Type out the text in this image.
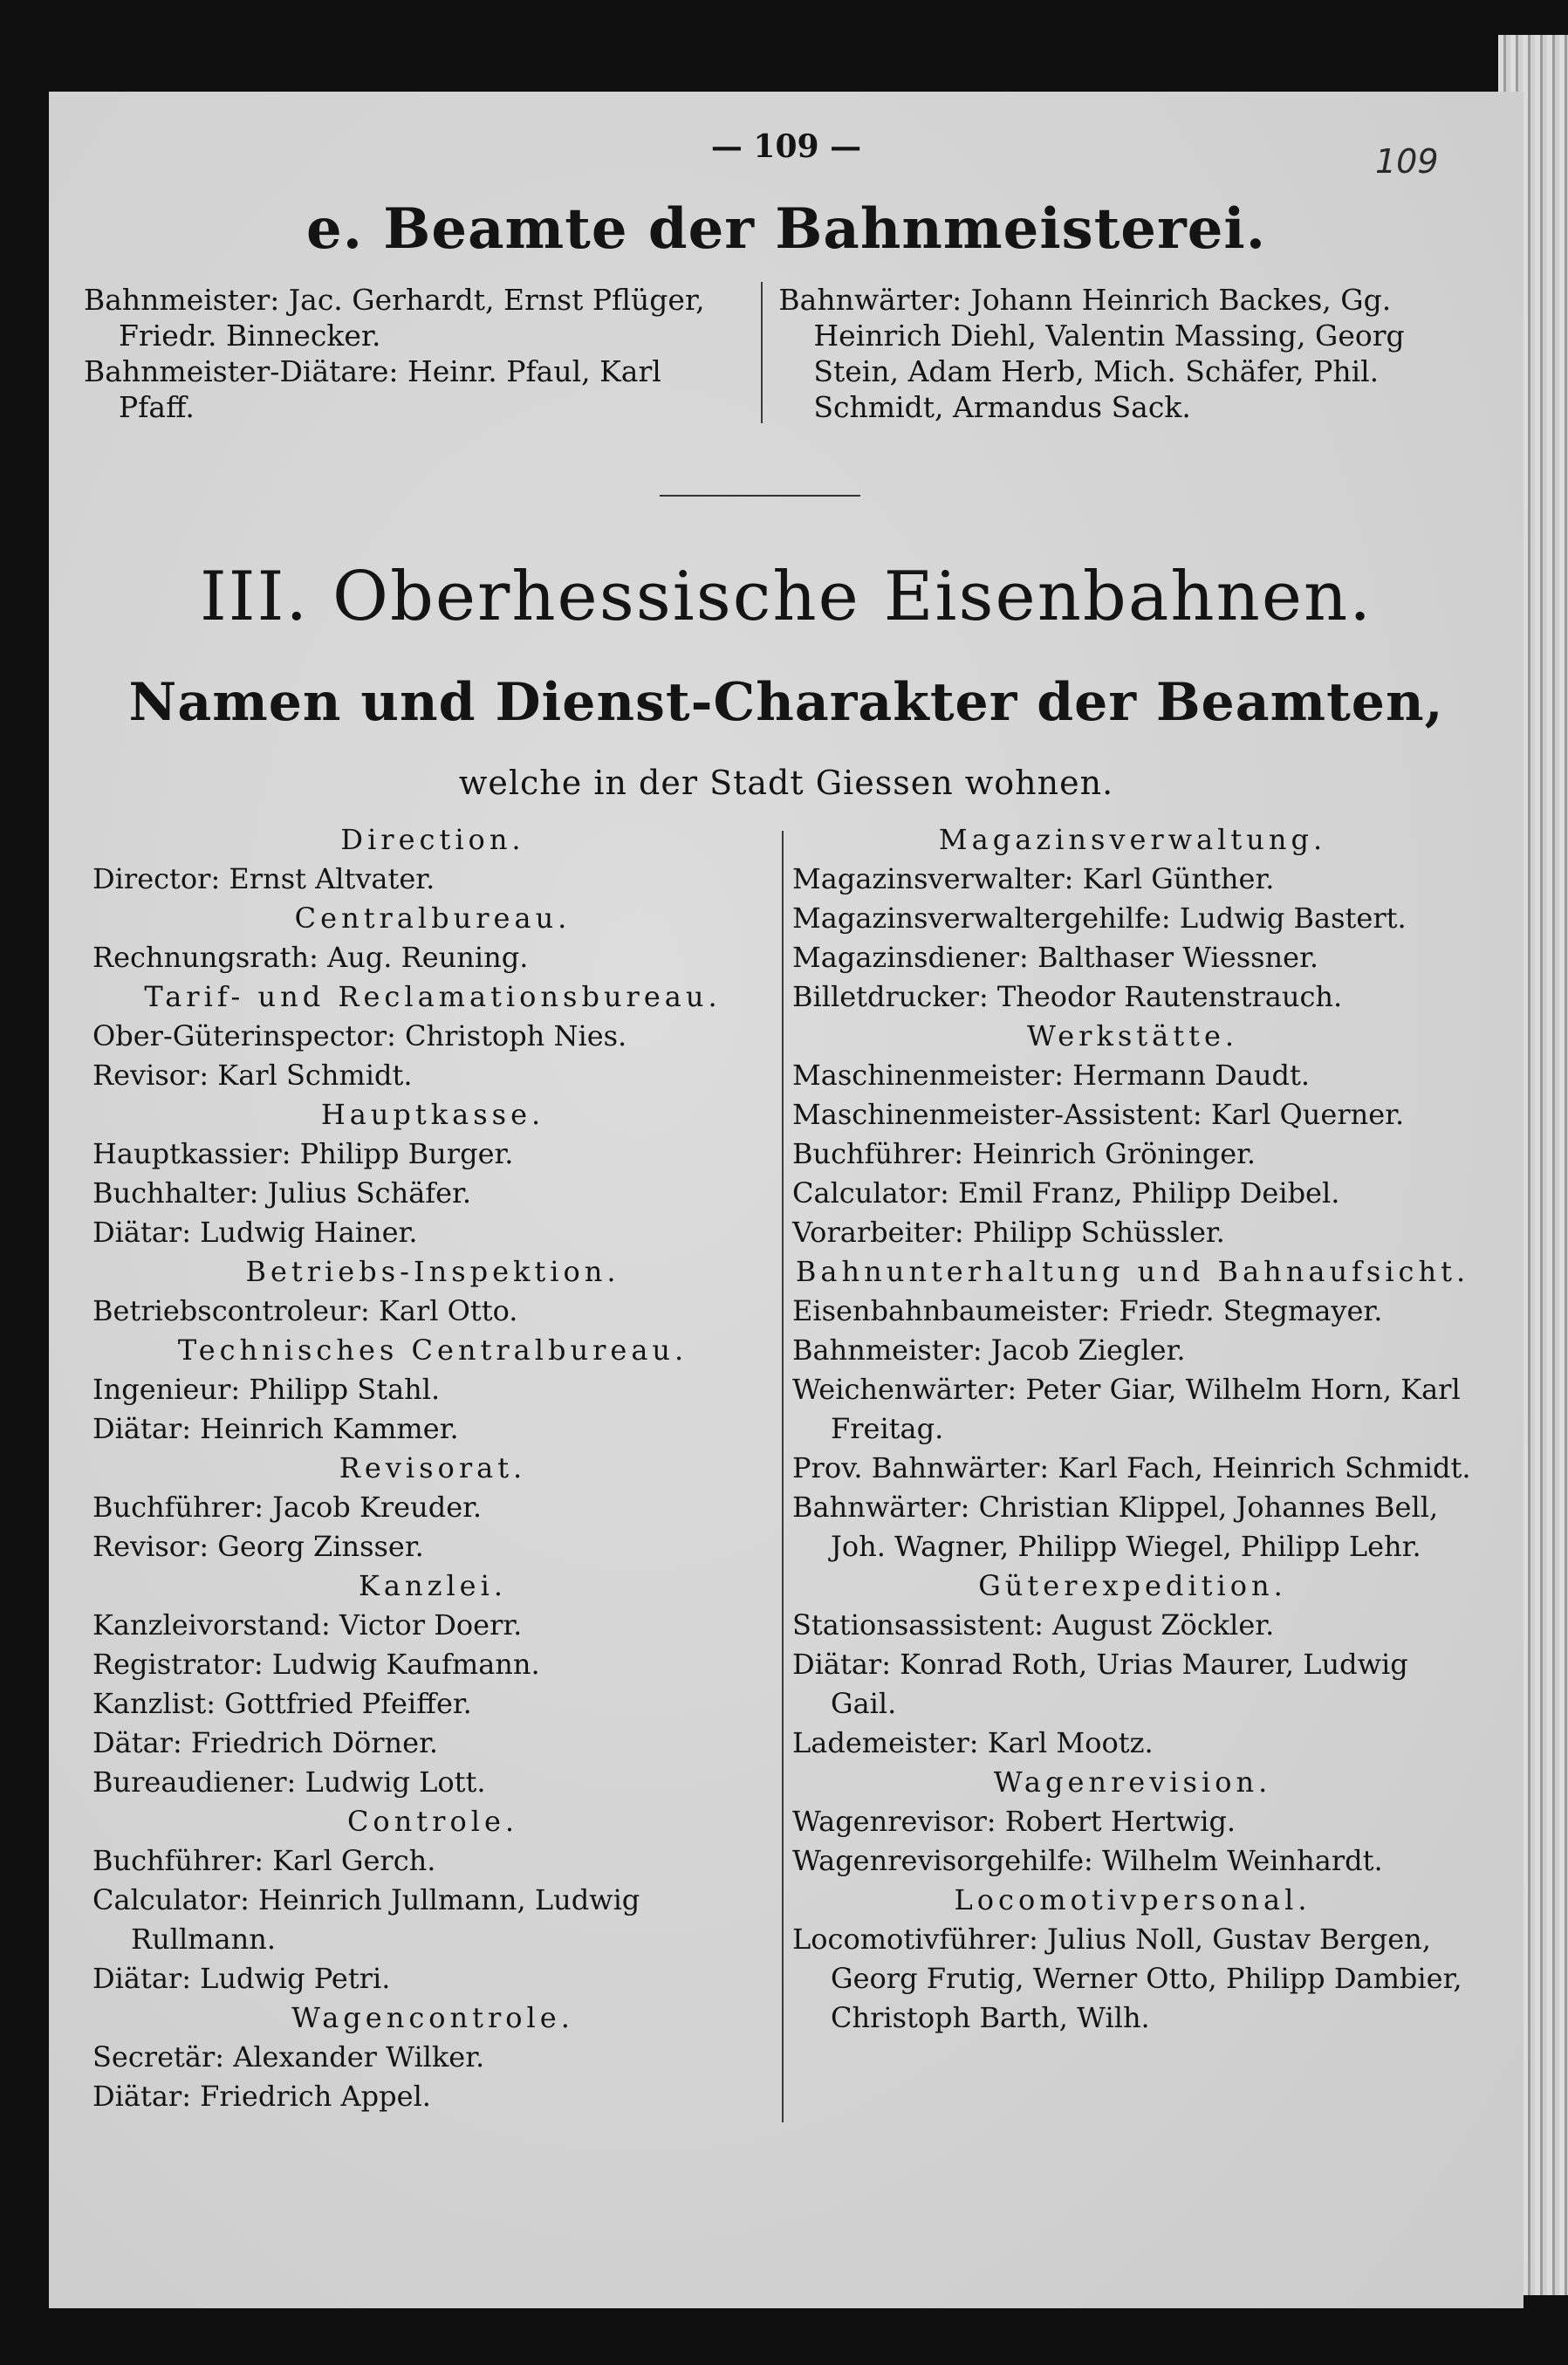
— 109 —	109
e. Beamte der Bahnmeisterei.
Bahnmeister: Jac. Gerhardt, Ernst Pflüger, Friedr. Binnecker.
Bahnmeister-Diätare: Heinr. Pfaul, Karl Pfaff.
Bahnwärter: Johann Heinrich Backes, Gg. Heinrich Diehl, Valentin Massing, Georg Stein, Adam Herb, Mich. Schäfer, Phil. Schmidt, Armandus Sack.
III. Oberhessische Eisenbahnen.
Namen und Dienst-Charakter der Beamten,
welche in der Stadt Giessen wohnen.
Direction.
Director: Ernst Altvater.
Centralbureau.
Rechnungsrath: Aug. Reuning.
Tarif- und Reclamationsbureau.
Ober-Güterinspector: Christoph Nies.
Revisor: Karl Schmidt.
Hauptkasse.
Hauptkassier: Philipp Burger.
Buchhalter: Julius Schäfer.
Diätar: Ludwig Hainer.
Betriebs-Inspektion.
Betriebscontroleur: Karl Otto.
Technisches Centralbureau.
Ingenieur: Philipp Stahl.
Diätar: Heinrich Kammer.
Revisorat.
Buchführer: Jacob Kreuder.
Revisor: Georg Zinsser.
Kanzlei.
Kanzleivorstand: Victor Doerr.
Registrator: Ludwig Kaufmann.
Kanzlist: Gottfried Pfeiffer.
Dätar: Friedrich Dörner.
Bureaudiener: Ludwig Lott.
Controle.
Buchführer: Karl Gerch.
Calculator: Heinrich Jullmann, Ludwig Rullmann.
Diätar: Ludwig Petri.
Wagencontrole.
Secretär: Alexander Wilker.
Diätar: Friedrich Appel.
Magazinsverwaltung.
Magazinsverwalter: Karl Günther.
Magazinsverwaltergehilfe: Ludwig Bastert.
Magazinsdiener: Balthaser Wiessner.
Billetdrucker: Theodor Rautenstrauch.
Werkstätte.
Maschinenmeister: Hermann Daudt.
Maschinenmeister-Assistent: Karl Querner.
Buchführer: Heinrich Gröninger.
Calculator: Emil Franz, Philipp Deibel.
Vorarbeiter: Philipp Schüssler.
Bahnunterhaltung und Bahnaufsicht.
Eisenbahnbaumeister: Friedr. Stegmayer.
Bahnmeister: Jacob Ziegler.
Weichenwärter: Peter Giar, Wilhelm Horn, Karl Freitag.
Prov. Bahnwärter: Karl Fach, Heinrich Schmidt.
Bahnwärter: Christian Klippel, Johannes Bell, Joh. Wagner, Philipp Wiegel, Philipp Lehr.
Güterexpedition.
Stationsassistent: August Zöckler.
Diätar: Konrad Roth, Urias Maurer, Ludwig Gail.
Lademeister: Karl Mootz.
Wagenrevision.
Wagenrevisor: Robert Hertwig.
Wagenrevisorgehilfe: Wilhelm Weinhardt.
Locomotivpersonal.
Locomotivführer: Julius Noll, Gustav Bergen, Georg Frutig, Werner Otto, Philipp Dambier, Christoph Barth, Wilh.
